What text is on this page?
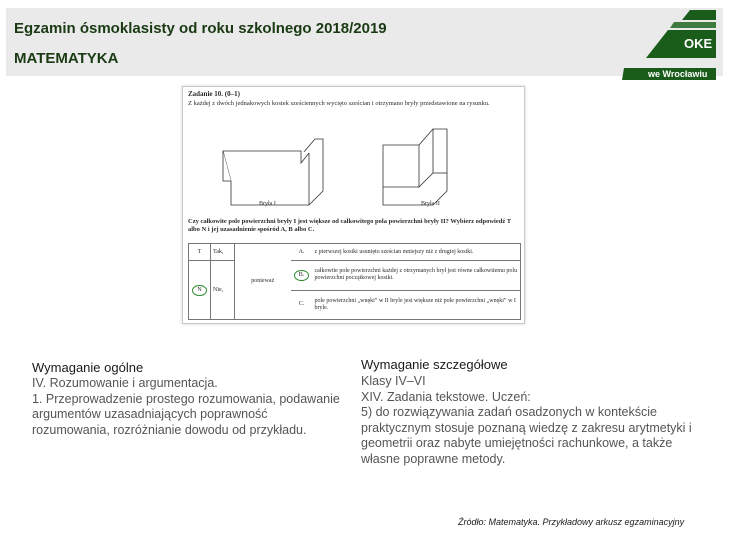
Egzamin ósmoklasisty od roku szkolnego 2018/2019
MATEMATYKA
OKE
we Wrocławiu
Zadanie 10. (0–1)
Z każdej z dwóch jednakowych kostek sześciennych wycięto sześcian i otrzymano bryły przedstawione na rysunku.
Bryła I	Bryła II
Czy całkowite pole powierzchni bryły I jest większe od całkowitego pola powierzchni bryły II? Wybierz odpowiedź T albo N i jej uzasadnienie spośród A, B albo C.
T	Tak,	ponieważ	A.	z pierwszej kostki usunięto sześcian mniejszy niż z drugiej kostki.

			B.	całkowite pole powierzchni każdej z otrzymanych brył jest równe całkowitemu polu powierzchni początkowej kostki.
N	Nie,			
			C.	pole powierzchni „wnęki” w II bryle jest większe niż pole powierzchni „wnęki” w I bryle.

Wymaganie ogólne
IV. Rozumowanie i argumentacja.
1. Przeprowadzenie prostego rozumowania, podawanie argumentów uzasadniających poprawność rozumowania, rozróżnianie dowodu od przykładu.
Wymaganie szczegółowe
Klasy IV–VI
XIV. Zadania tekstowe. Uczeń:
5) do rozwiązywania zadań osadzonych w kontekście praktycznym stosuje poznaną wiedzę z zakresu arytmetyki i geometrii oraz nabyte umiejętności rachunkowe, a także własne poprawne metody.
Źródło: Matematyka. Przykładowy arkusz egzaminacyjny
